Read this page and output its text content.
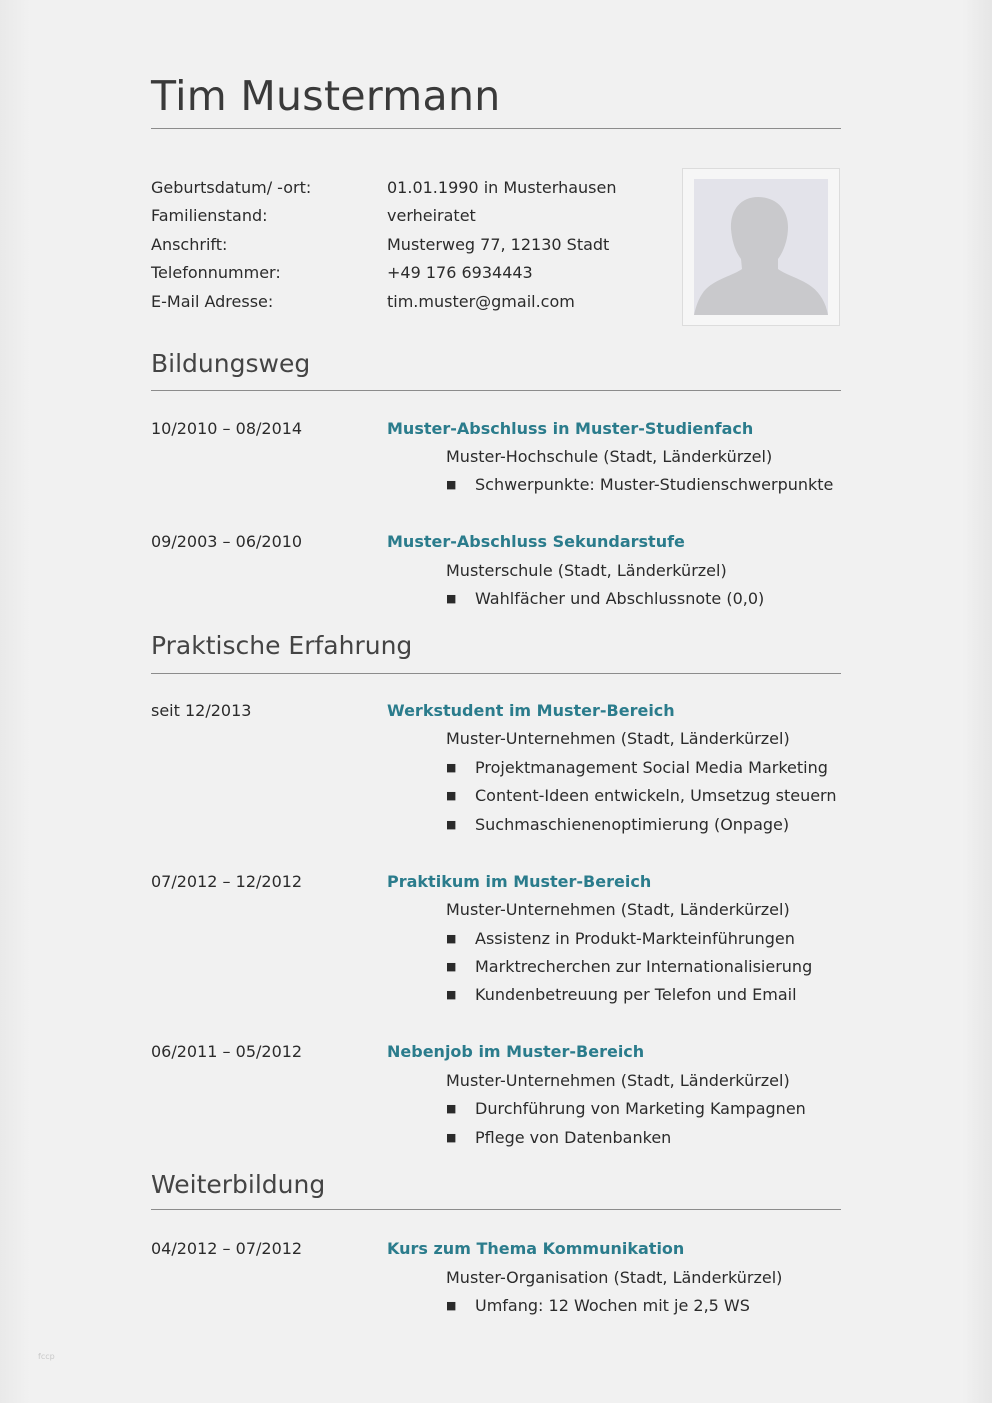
Tim Mustermann
Geburtsdatum/ -ort:	01.01.1990 in Musterhausen
Familienstand:	verheiratet
Anschrift:	Musterweg 77, 12130 Stadt
Telefonnummer:	+49 176 6934443
E-Mail Adresse:	tim.muster@gmail.com
Bildungsweg
10/2010 – 08/2014	Muster-Abschluss in Muster-Studienfach
Muster-Hochschule (Stadt, Länderkürzel)
■ Schwerpunkte: Muster-Studienschwerpunkte
09/2003 – 06/2010	Muster-Abschluss Sekundarstufe
Musterschule (Stadt, Länderkürzel)
■ Wahlfächer und Abschlussnote (0,0)
Praktische Erfahrung
seit 12/2013	Werkstudent im Muster-Bereich
Muster-Unternehmen (Stadt, Länderkürzel)
■ Projektmanagement Social Media Marketing
■ Content-Ideen entwickeln, Umsetzug steuern
■ Suchmaschienenoptimierung (Onpage)
07/2012 – 12/2012	Praktikum im Muster-Bereich
Muster-Unternehmen (Stadt, Länderkürzel)
■ Assistenz in Produkt-Markteinführungen
■ Marktrecherchen zur Internationalisierung
■ Kundenbetreuung per Telefon und Email
06/2011 – 05/2012	Nebenjob im Muster-Bereich
Muster-Unternehmen (Stadt, Länderkürzel)
■ Durchführung von Marketing Kampagnen
■ Pflege von Datenbanken
Weiterbildung
04/2012 – 07/2012	Kurs zum Thema Kommunikation
Muster-Organisation (Stadt, Länderkürzel)
■ Umfang: 12 Wochen mit je 2,5 WS
fccp
